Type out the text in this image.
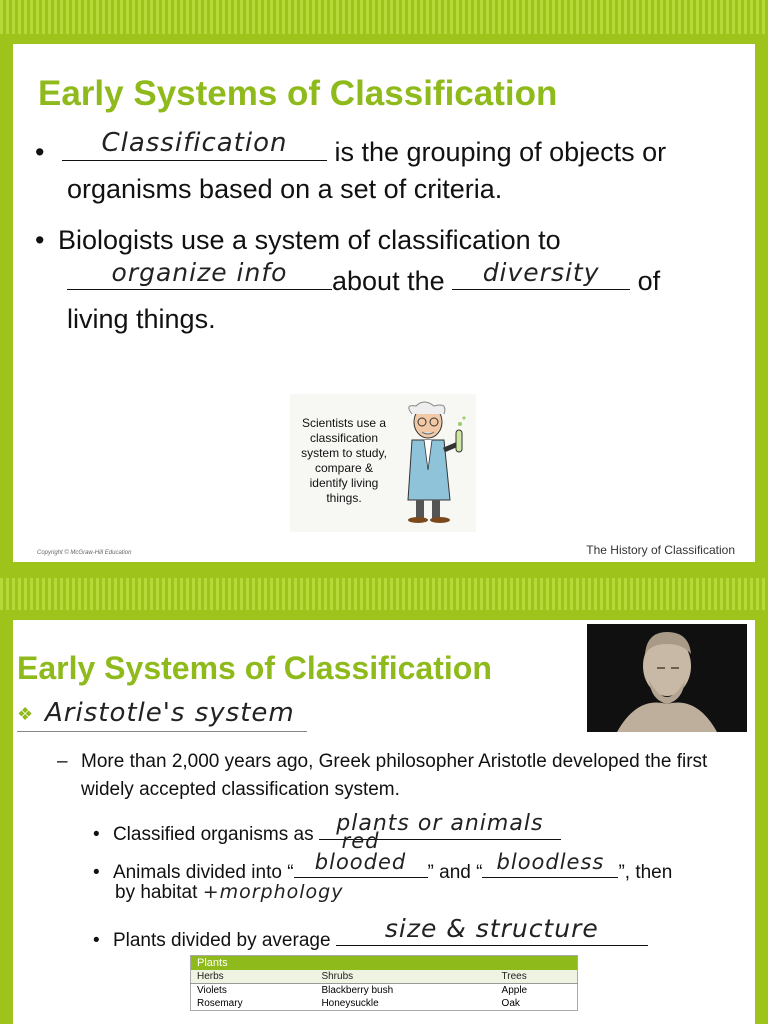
Early Systems of Classification
•	Classification	is the grouping of objects or
organisms based on a set of criteria.
• Biologists use a system of classification to
organize info	about the	diversity	of
living things.
Scientists use a classification system to study, compare & identify living things.
Copyright © McGraw-Hill Education	The History of Classification
Early Systems of Classification
❖ Aristotle's system
– More than 2,000 years ago, Greek philosopher Aristotle developed the first widely accepted classification system.
• Classified organisms as plants or animals
• Animals divided into “
red blooded	” and “ bloodless ”, then
by habitat +morphology
• Plants divided by average	size & structure
Plants		
Herbs	Shrubs	Trees
Violets	Blackberry bush	Apple
Rosemary	Honeysuckle	Oak
